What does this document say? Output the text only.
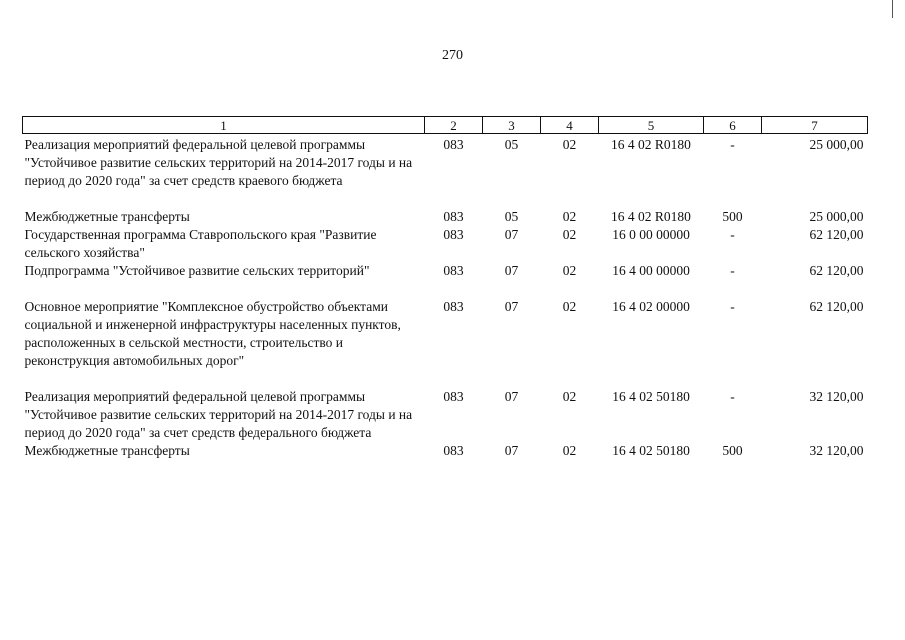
270
1	2	3	4	5	6	7
Реализация мероприятий федеральной целевой программы "Устойчивое развитие сельских территорий на 2014-2017 годы и на период до 2020 года" за счет средств краевого бюджета	083	05	02	16 4 02 R0180	-	25 000,00

Межбюджетные трансферты	083	05	02	16 4 02 R0180	500	25 000,00
Государственная программа Ставропольского края "Развитие сельского хозяйства"	083	07	02	16 0 00 00000	-	62 120,00
Подпрограмма "Устойчивое развитие сельских территорий"	083	07	02	16 4 00 00000	-	62 120,00

Основное мероприятие "Комплексное обустройство объектами социальной и инженерной инфраструктуры населенных пунктов, расположенных в сельской местности, строительство и реконструкция автомобильных дорог"	083	07	02	16 4 02 00000	-	62 120,00

Реализация мероприятий федеральной целевой программы "Устойчивое развитие сельских территорий на 2014-2017 годы и на период до 2020 года" за счет средств федерального бюджета	083	07	02	16 4 02 50180	-	32 120,00
Межбюджетные трансферты	083	07	02	16 4 02 50180	500	32 120,00
